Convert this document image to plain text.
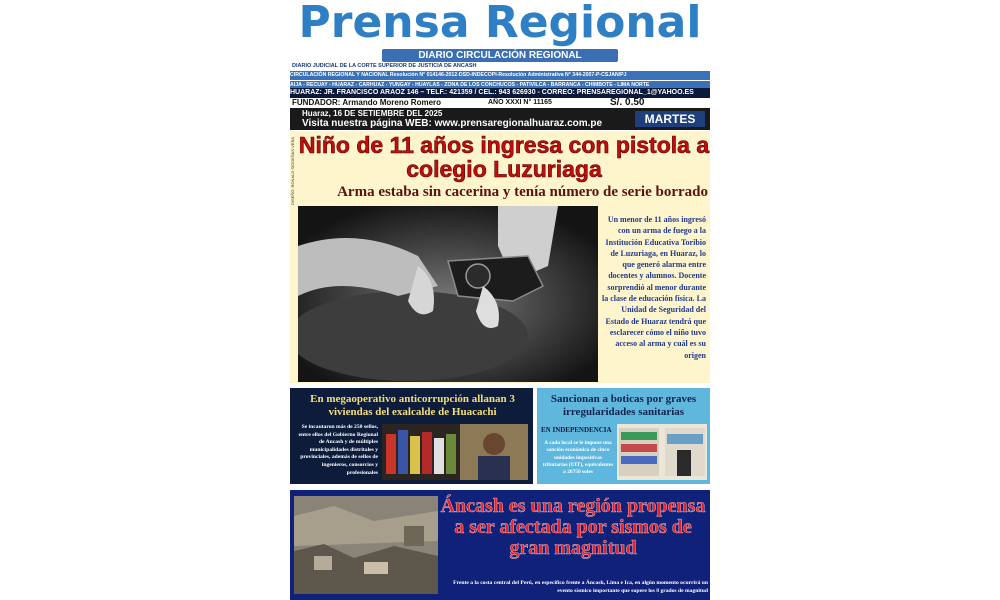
Prensa Regional
DIARIO CIRCULACIÓN REGIONAL
DIARIO JUDICIAL DE LA CORTE SUPERIOR DE JUSTICIA DE ANCASH
CIRCULACIÓN REGIONAL Y NACIONAL Resolución N° 014146-2012-DSD-INDECOPI-Resolución Administrativa N° 344-2007-P-CSJAN/PJ
AIJA - RECUAY - HUARAZ - CARHUAZ - YUNGAY - HUAYLAS - ZONA DE LOS CONCHUCOS - PATIVILCA - BARRANCA - CHIMBOTE - LIMA NORTE
HUARAZ: JR. FRANCISCO ARAOZ 146 – TELF.: 421359 / CEL.: 943 626930 - CORREO: PRENSAREGIONAL_1@YAHOO.ES
FUNDADOR: Armando Moreno Romero	AÑO XXXI N° 11165	S/. 0.50
Huaraz, 16 DE SETIEMBRE DEL 2025
Visita nuestra página WEB: www.prensaregionalhuaraz.com.pe	MARTES
DISEÑO: RONALD SIGÜEÑAS VERA Niño de 11 años ingresa con pistola a colegio Luzuriaga
Arma estaba sin cacerina y tenía número de serie borrado
Un menor de 11 años ingresó con un arma de fuego a la Institución Educativa Toribio de Luzuriaga, en Huaraz, lo que generó alarma entre docentes y alumnos. Docente sorprendió al menor durante la clase de educación física. La Unidad de Seguridad del Estado de Huaraz tendrá que esclarecer cómo el niño tuvo acceso al arma y cuál es su origen
En megaoperativo anticorrupción allanan 3 viviendas del exalcalde de Huacachi
Se incautaron más de 250 sellos, entre ellos del Gobierno Regional de Ancash y de múltiples municipalidades distritales y provinciales, además de sellos de ingenieros, consorcios y profesionales
Sancionan a boticas por graves irregularidades sanitarias
EN INDEPENDENCIA
A cada local se le impone una sanción económica de cinco unidades impositivas tributarias (UIT), equivalentes a 26750 soles
Áncash es una región propensa a ser afectada por sismos de gran magnitud
Frente a la costa central del Perú, en específico frente a Áncash, Lima e Ica, en algún momento ocurrirá un evento sísmico importante que supere los 8 grados de magnitud
